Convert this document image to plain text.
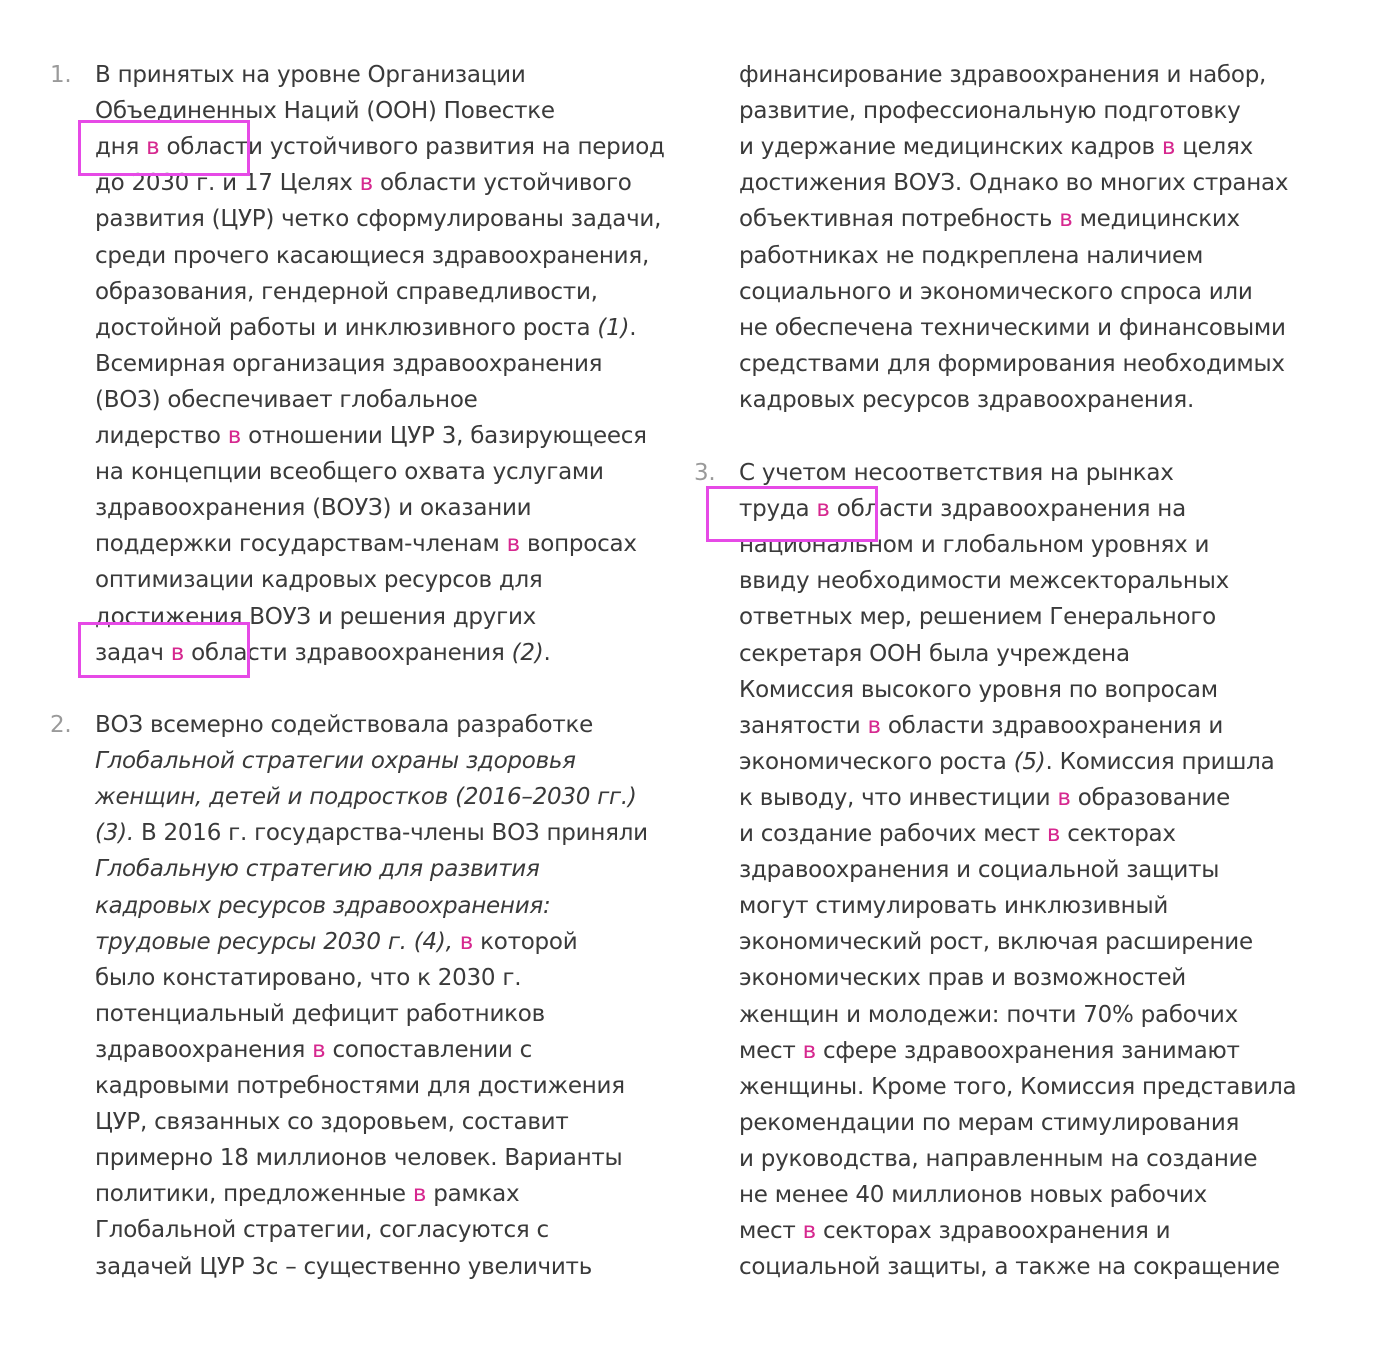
1. В принятых на уровне Организации
Объединенных Наций (ООН) Повестке
дня в области устойчивого развития на период
до 2030 г. и 17 Целях в области устойчивого
развития (ЦУР) четко сформулированы задачи,
среди прочего касающиеся здравоохранения,
образования, гендерной справедливости,
достойной работы и инклюзивного роста (1).
Всемирная организация здравоохранения
(ВОЗ) обеспечивает глобальное
лидерство в отношении ЦУР 3, базирующееся
на концепции всеобщего охвата услугами
здравоохранения (ВОУЗ) и оказании
поддержки государствам-членам в вопросах
оптимизации кадровых ресурсов для
достижения ВОУЗ и решения других
задач в области здравоохранения (2).
2. ВОЗ всемерно содействовала разработке
Глобальной стратегии охраны здоровья
женщин, детей и подростков (2016–2030 гг.)
(3). В 2016 г. государства-члены ВОЗ приняли
Глобальную стратегию для развития
кадровых ресурсов здравоохранения:
трудовые ресурсы 2030 г. (4), в которой
было констатировано, что к 2030 г.
потенциальный дефицит работников
здравоохранения в сопоставлении с
кадровыми потребностями для достижения
ЦУР, связанных со здоровьем, составит
примерно 18 миллионов человек. Варианты
политики, предложенные в рамках
Глобальной стратегии, согласуются с
задачей ЦУР 3с – существенно увеличить
финансирование здравоохранения и набор,
развитие, профессиональную подготовку
и удержание медицинских кадров в целях
достижения ВОУЗ. Однако во многих странах
объективная потребность в медицинских
работниках не подкреплена наличием
социального и экономического спроса или
не обеспечена техническими и финансовыми
средствами для формирования необходимых
кадровых ресурсов здравоохранения.
3. С учетом несоответствия на рынках
труда в области здравоохранения на
национальном и глобальном уровнях и
ввиду необходимости межсекторальных
ответных мер, решением Генерального
секретаря ООН была учреждена
Комиссия высокого уровня по вопросам
занятости в области здравоохранения и
экономического роста (5). Комиссия пришла
к выводу, что инвестиции в образование
и создание рабочих мест в секторах
здравоохранения и социальной защиты
могут стимулировать инклюзивный
экономический рост, включая расширение
экономических прав и возможностей
женщин и молодежи: почти 70% рабочих
мест в сфере здравоохранения занимают
женщины. Кроме того, Комиссия представила
рекомендации по мерам стимулирования
и руководства, направленным на создание
не менее 40 миллионов новых рабочих
мест в секторах здравоохранения и
социальной защиты, а также на сокращение
